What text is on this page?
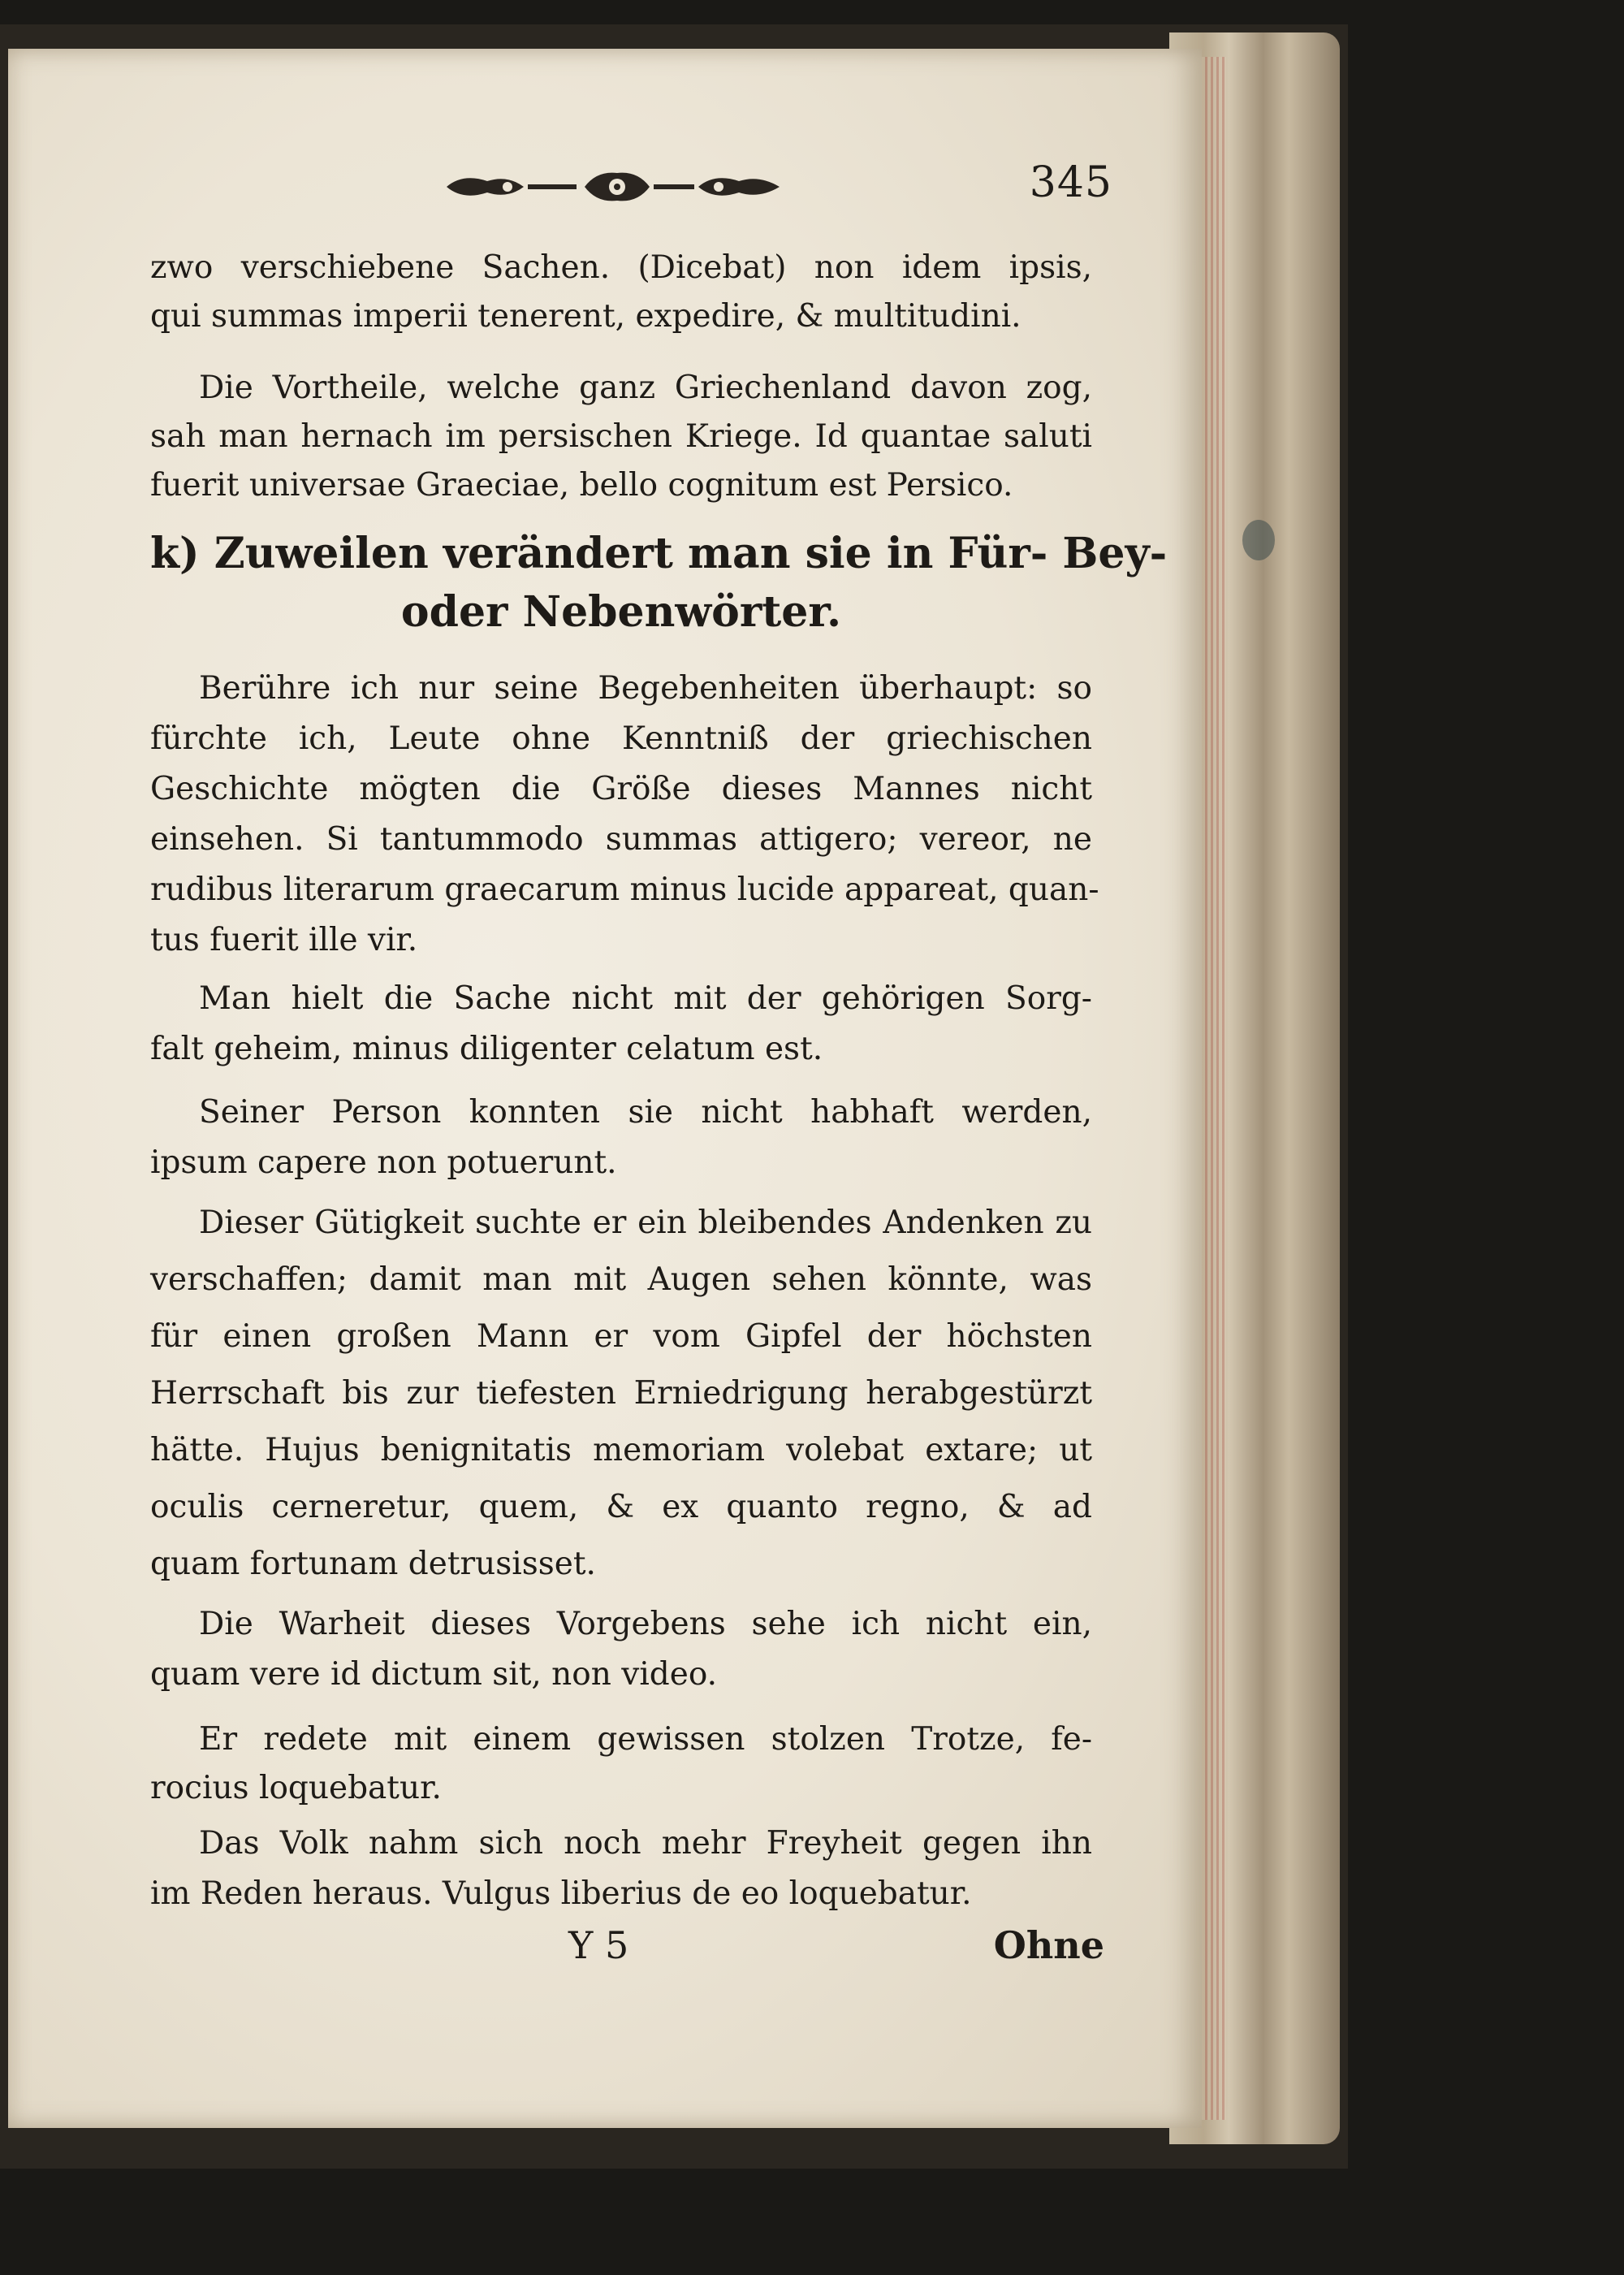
345
zwo verschiebene Sachen. (Dicebat) non idem ipsis,
qui summas imperii tenerent, expedire, & multitudini.
Die Vortheile, welche ganz Griechenland davon zog,
sah man hernach im persischen Kriege. Id quantae saluti
fuerit universae Graeciae, bello cognitum est Persico.
k) Zuweilen verändert man sie in Für- Bey-
oder Nebenwörter.
Berühre ich nur seine Begebenheiten überhaupt: so
fürchte ich, Leute ohne Kenntniß der griechischen
Geschichte mögten die Größe dieses Mannes nicht
einsehen. Si tantummodo summas attigero; vereor, ne
rudibus literarum graecarum minus lucide appareat, quan-
tus fuerit ille vir.
Man hielt die Sache nicht mit der gehörigen Sorg-
falt geheim, minus diligenter celatum est.
Seiner Person konnten sie nicht habhaft werden,
ipsum capere non potuerunt.
Dieser Gütigkeit suchte er ein bleibendes Andenken zu
verschaffen; damit man mit Augen sehen könnte, was
für einen großen Mann er vom Gipfel der höchsten
Herrschaft bis zur tiefesten Erniedrigung herabgestürzt
hätte. Hujus benignitatis memoriam volebat extare; ut
oculis cerneretur, quem, & ex quanto regno, & ad
quam fortunam detrusisset.
Die Warheit dieses Vorgebens sehe ich nicht ein,
quam vere id dictum sit, non video.
Er redete mit einem gewissen stolzen Trotze, fe-
rocius loquebatur.
Das Volk nahm sich noch mehr Freyheit gegen ihn
im Reden heraus. Vulgus liberius de eo loquebatur.
Y 5	Ohne
